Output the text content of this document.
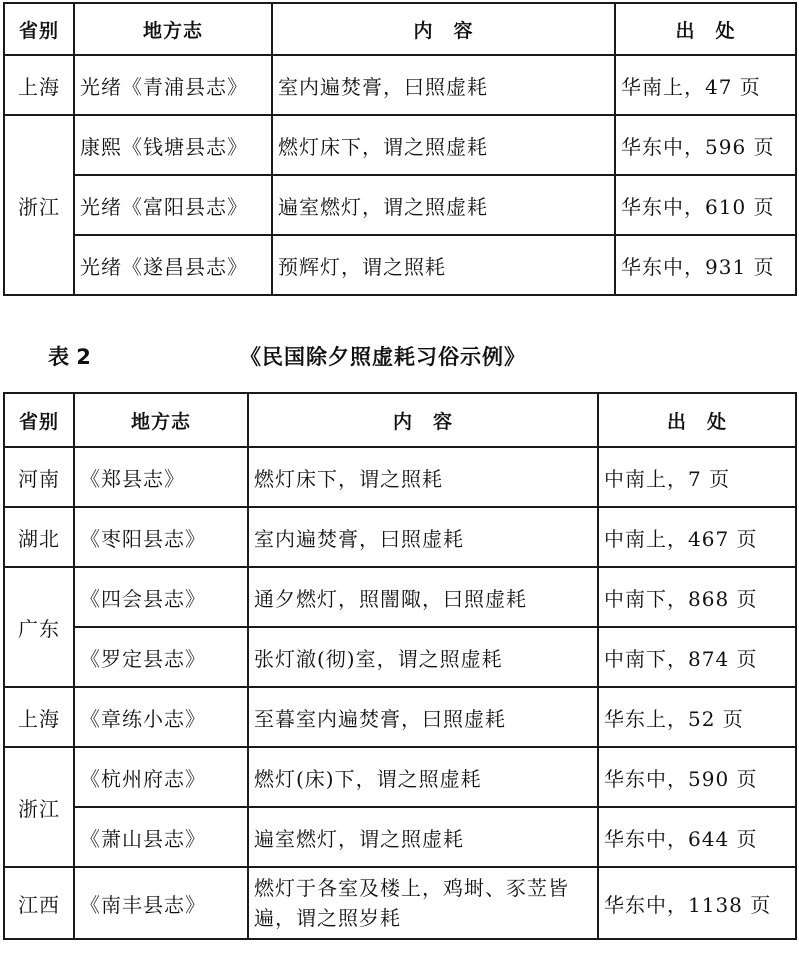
省别	地方志	内　容	出　处
上海	光绪《青浦县志》	室内遍焚膏，曰照虚耗	华南上，47 页
浙江	康熙《钱塘县志》	燃灯床下，谓之照虚耗	华东中，596 页
	光绪《富阳县志》	遍室燃灯，谓之照虚耗	华东中，610 页
	光绪《遂昌县志》	预辉灯，谓之照耗	华东中，931 页
表 2	《民国除夕照虚耗习俗示例》
省别	地方志	内　容	出　处
河南	《郑县志》	燃灯床下，谓之照耗	中南上，7 页
湖北	《枣阳县志》	室内遍焚膏，曰照虚耗	中南上，467 页
广东	《四会县志》	通夕燃灯，照闇陬，曰照虚耗	中南下，868 页
	《罗定县志》	张灯澈(彻)室，谓之照虚耗	中南下，874 页
上海	《章练小志》	至暮室内遍焚膏，曰照虚耗	华东上，52 页
浙江	《杭州府志》	燃灯(床)下，谓之照虚耗	华东中，590 页
	《萧山县志》	遍室燃灯，谓之照虚耗	华东中，644 页
江西	《南丰县志》	燃灯于各室及楼上，鸡埘、豕苙皆遍，谓之照岁耗	华东中，1138 页
